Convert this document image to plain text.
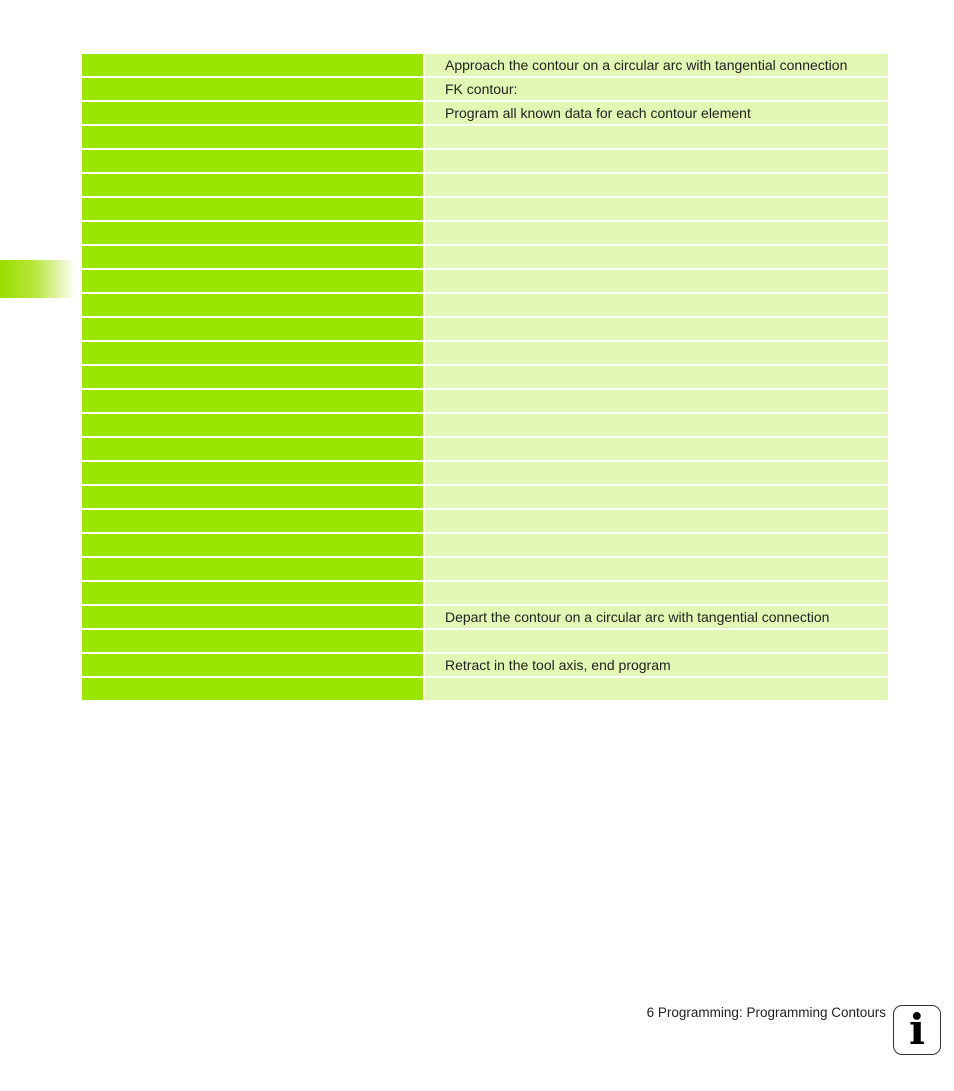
Approach the contour on a circular arc with tangential connection
FK contour:
Program all known data for each contour element
Depart the contour on a circular arc with tangential connection
Retract in the tool axis, end program
6 Programming: Programming Contours i
